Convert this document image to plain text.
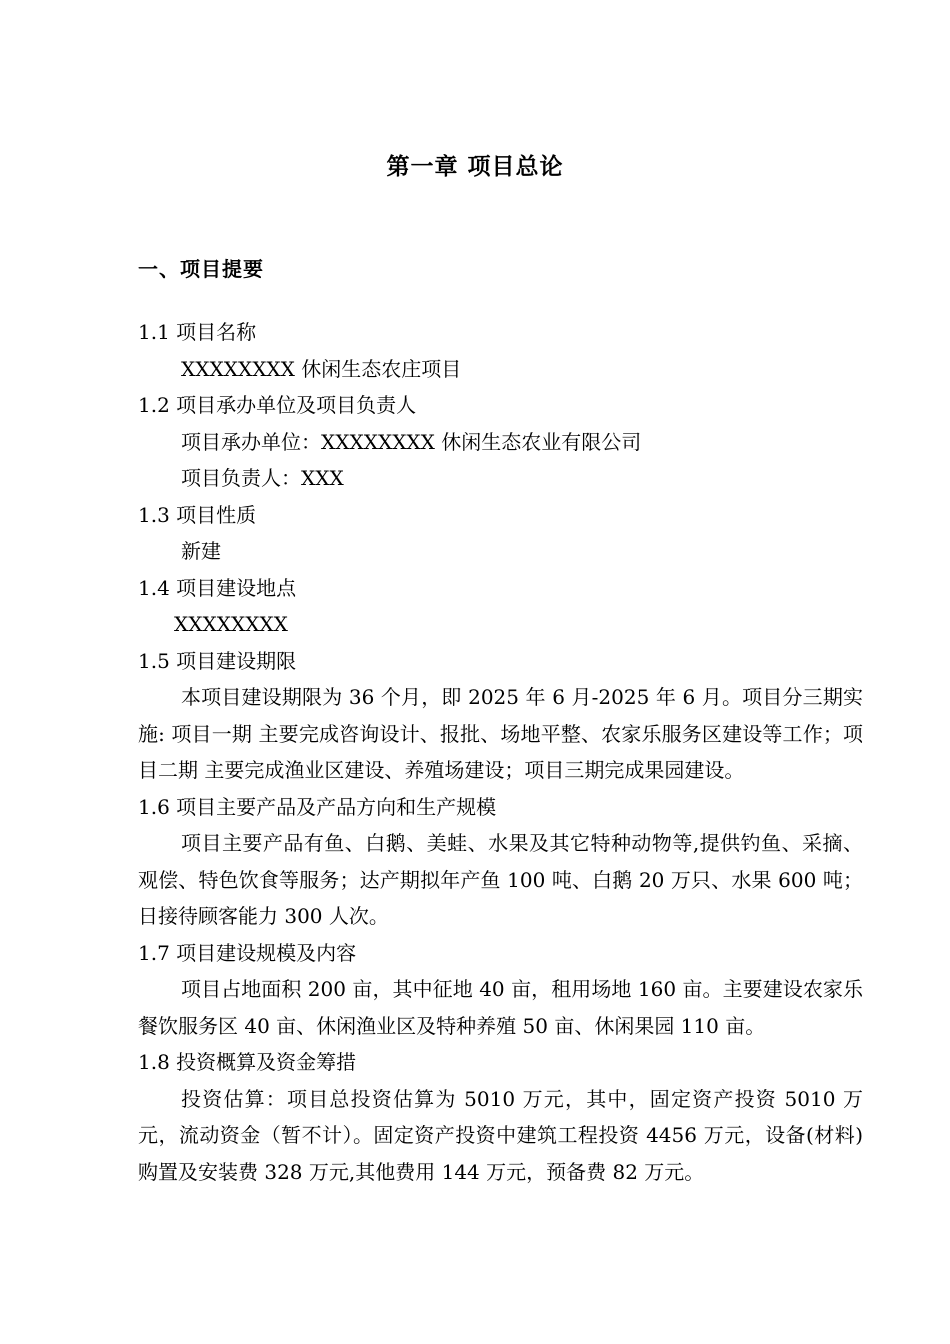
第一章 项目总论
一、项目提要
1.1 项目名称
XXXXXXXX 休闲生态农庄项目
1.2 项目承办单位及项目负责人
项目承办单位：XXXXXXXX 休闲生态农业有限公司
项目负责人：XXX
1.3 项目性质
新建
1.4 项目建设地点
XXXXXXXX
1.5 项目建设期限
本项目建设期限为 36 个月，即 2025 年 6 月-2025 年 6 月。项目分三期实施: 项目一期 主要完成咨询设计、报批、场地平整、农家乐服务区建设等工作；项目二期 主要完成渔业区建设、养殖场建设；项目三期完成果园建设。
1.6 项目主要产品及产品方向和生产规模
项目主要产品有鱼、白鹅、美蛙、水果及其它特种动物等,提供钓鱼、采摘、观偿、特色饮食等服务；达产期拟年产鱼 100 吨、白鹅 20 万只、水果 600 吨；日接待顾客能力 300 人次。
1.7 项目建设规模及内容
项目占地面积 200 亩，其中征地 40 亩，租用场地 160 亩。主要建设农家乐餐饮服务区 40 亩、休闲渔业区及特种养殖 50 亩、休闲果园 110 亩。
1.8 投资概算及资金筹措
投资估算：项目总投资估算为 5010 万元，其中，固定资产投资 5010 万元，流动资金（暂不计）。固定资产投资中建筑工程投资 4456 万元，设备(材料)购置及安装费 328 万元,其他费用 144 万元，预备费 82 万元。
